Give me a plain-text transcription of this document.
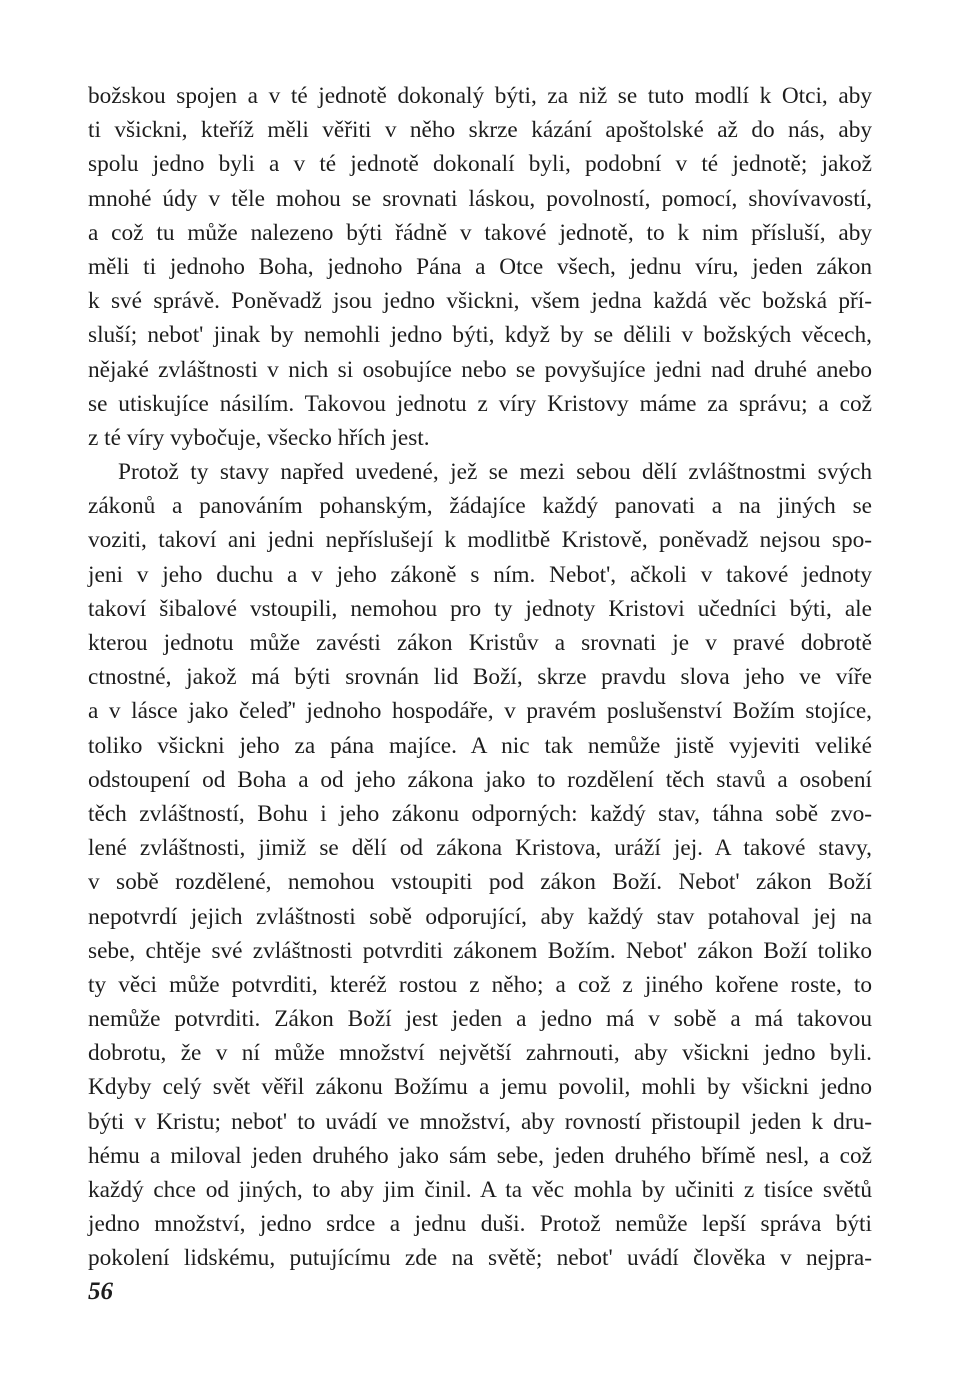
božskou spojen a v té jednotě dokonalý býti, za niž se tuto modlí k Otci, aby
ti všickni, kteříž měli věřiti v něho skrze kázání apoštolské až do nás, aby
spolu jedno byli a v té jednotě dokonalí byli, podobní v té jednotě; jakož
mnohé údy v těle mohou se srovnati láskou, povolností, pomocí, shovívavostí,
a což tu může nalezeno býti řádně v takové jednotě, to k nim přísluší, aby
měli ti jednoho Boha, jednoho Pána a Otce všech, jednu víru, jeden zákon
k své správě. Poněvadž jsou jedno všickni, všem jedna každá věc božská pří-
sluší; nebot' jinak by nemohli jedno býti, když by se dělili v božských věcech,
nějaké zvláštnosti v nich si osobujíce nebo se povyšujíce jedni nad druhé anebo
se utiskujíce násilím. Takovou jednotu z víry Kristovy máme za správu; a což
z té víry vybočuje, všecko hřích jest.
Protož ty stavy napřed uvedené, jež se mezi sebou dělí zvláštnostmi svých
zákonů a panováním pohanským, žádajíce každý panovati a na jiných se
voziti, takoví ani jedni nepříslušejí k modlitbě Kristově, poněvadž nejsou spo-
jeni v jeho duchu a v jeho zákoně s ním. Nebot', ačkoli v takové jednoty
takoví šibalové vstoupili, nemohou pro ty jednoty Kristovi učedníci býti, ale
kterou jednotu může zavésti zákon Kristův a srovnati je v pravé dobrotě
ctnostné, jakož má býti srovnán lid Boží, skrze pravdu slova jeho ve víře
a v lásce jako čeleď' jednoho hospodáře, v pravém poslušenství Božím stojíce,
toliko všickni jeho za pána majíce. A nic tak nemůže jistě vyjeviti veliké
odstoupení od Boha a od jeho zákona jako to rozdělení těch stavů a osobení
těch zvláštností, Bohu i jeho zákonu odporných: každý stav, táhna sobě zvo-
lené zvláštnosti, jimiž se dělí od zákona Kristova, uráží jej. A takové stavy,
v sobě rozdělené, nemohou vstoupiti pod zákon Boží. Nebot' zákon Boží
nepotvrdí jejich zvláštnosti sobě odporující, aby každý stav potahoval jej na
sebe, chtěje své zvláštnosti potvrditi zákonem Božím. Nebot' zákon Boží toliko
ty věci může potvrditi, kteréž rostou z něho; a což z jiného kořene roste, to
nemůže potvrditi. Zákon Boží jest jeden a jedno má v sobě a má takovou
dobrotu, že v ní může množství největší zahrnouti, aby všickni jedno byli.
Kdyby celý svět věřil zákonu Božímu a jemu povolil, mohli by všickni jedno
býti v Kristu; nebot' to uvádí ve množství, aby rovností přistoupil jeden k dru-
hému a miloval jeden druhého jako sám sebe, jeden druhého břímě nesl, a což
každý chce od jiných, to aby jim činil. A ta věc mohla by učiniti z tisíce světů
jedno množství, jedno srdce a jednu duši. Protož nemůže lepší správa býti
pokolení lidskému, putujícímu zde na světě; nebot' uvádí člověka v nejpra-
56
